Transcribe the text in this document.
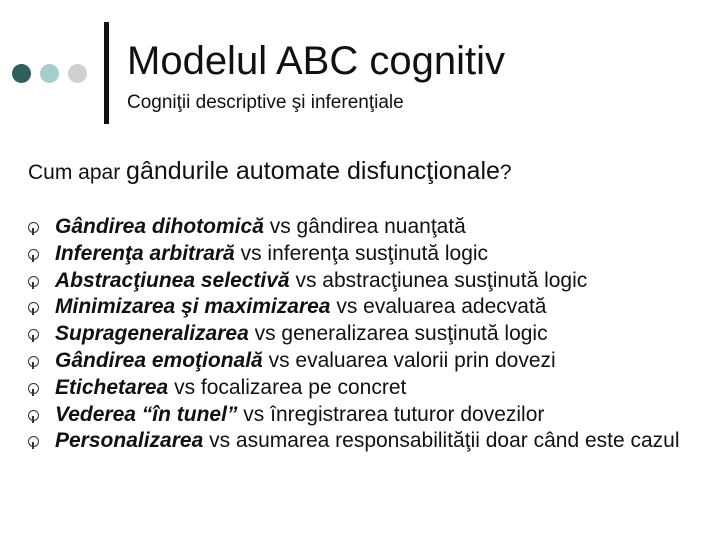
Modelul ABC cognitiv
Cogniţii descriptive şi inferenţiale
Cum apar gândurile automate disfuncţionale?
Gândirea dihotomică vs gândirea nuanţată
Inferenţa arbitrară vs inferenţa susţinută logic
Abstracţiunea selectivă vs abstracţiunea susţinută logic
Minimizarea şi maximizarea vs evaluarea adecvată
Suprageneralizarea vs generalizarea susţinută logic
Gândirea emoţională vs evaluarea valorii prin dovezi
Etichetarea vs focalizarea pe concret
Vederea “în tunel” vs înregistrarea tuturor dovezilor
Personalizarea vs asumarea responsabilităţii doar când este cazul
